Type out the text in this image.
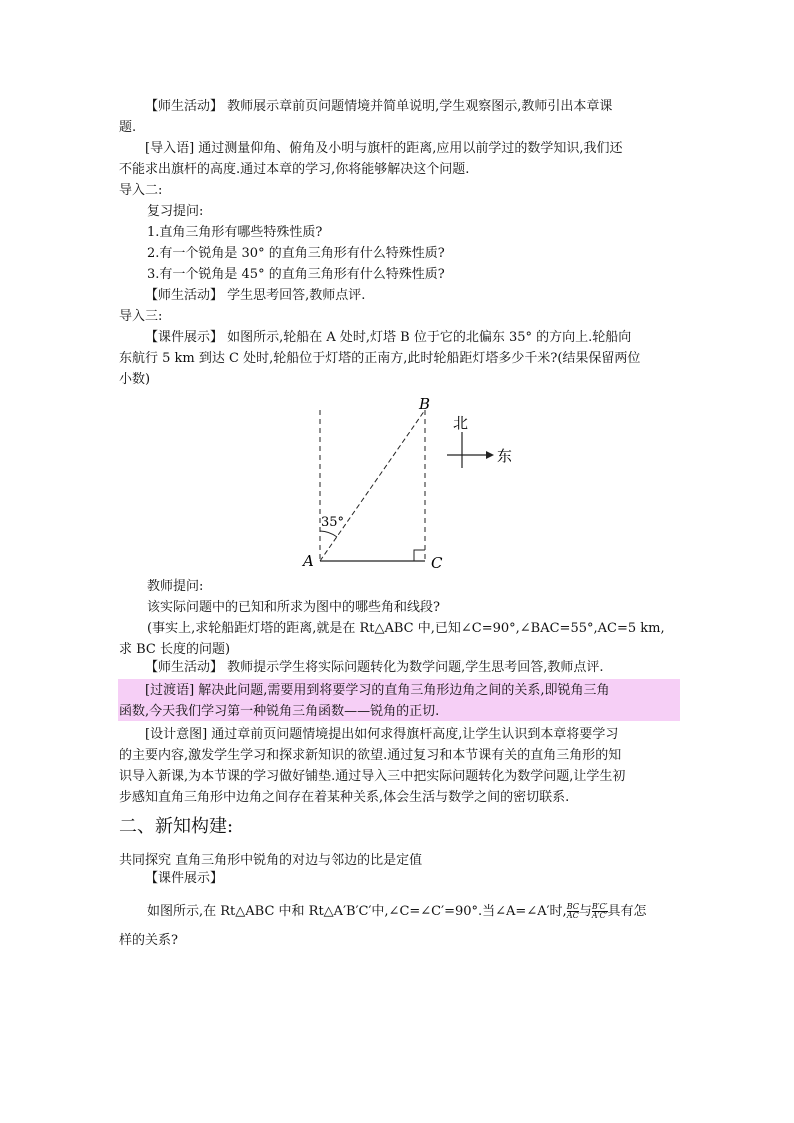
【师生活动】 教师展示章前页问题情境并简单说明,学生观察图示,教师引出本章课
题.
[导入语] 通过测量仰角、俯角及小明与旗杆的距离,应用以前学过的数学知识,我们还
不能求出旗杆的高度.通过本章的学习,你将能够解决这个问题.
导入二:
复习提问:
1.直角三角形有哪些特殊性质?
2.有一个锐角是 30° 的直角三角形有什么特殊性质?
3.有一个锐角是 45° 的直角三角形有什么特殊性质?
【师生活动】 学生思考回答,教师点评.
导入三:
【课件展示】 如图所示,轮船在 A 处时,灯塔 B 位于它的北偏东 35° 的方向上.轮船向
东航行 5 km 到达 C 处时,轮船位于灯塔的正南方,此时轮船距灯塔多少千米?(结果保留两位
小数)
35°
A
B
C
北
东
教师提问:
该实际问题中的已知和所求为图中的哪些角和线段?
(事实上,求轮船距灯塔的距离,就是在 Rt△ABC 中,已知∠C=90°,∠BAC=55°,AC=5 km,
求 BC 长度的问题)
【师生活动】 教师提示学生将实际问题转化为数学问题,学生思考回答,教师点评.
[过渡语] 解决此问题,需要用到将要学习的直角三角形边角之间的关系,即锐角三角
函数,今天我们学习第一种锐角三角函数——锐角的正切.
[设计意图] 通过章前页问题情境提出如何求得旗杆高度,让学生认识到本章将要学习
的主要内容,激发学生学习和探求新知识的欲望.通过复习和本节课有关的直角三角形的知
识导入新课,为本节课的学习做好铺垫.通过导入三中把实际问题转化为数学问题,让学生初
步感知直角三角形中边角之间存在着某种关系,体会生活与数学之间的密切联系.
二、新知构建:
共同探究 直角三角形中锐角的对边与邻边的比是定值
【课件展示】
如图所示,在 Rt△ABC 中和 Rt△A′B′C′中,∠C=∠C′=90°.当∠A=∠A′时, $\frac{BC}{AC}$ 与 $\frac{B'C'}{A'C'}$ 具有怎
样的关系?
